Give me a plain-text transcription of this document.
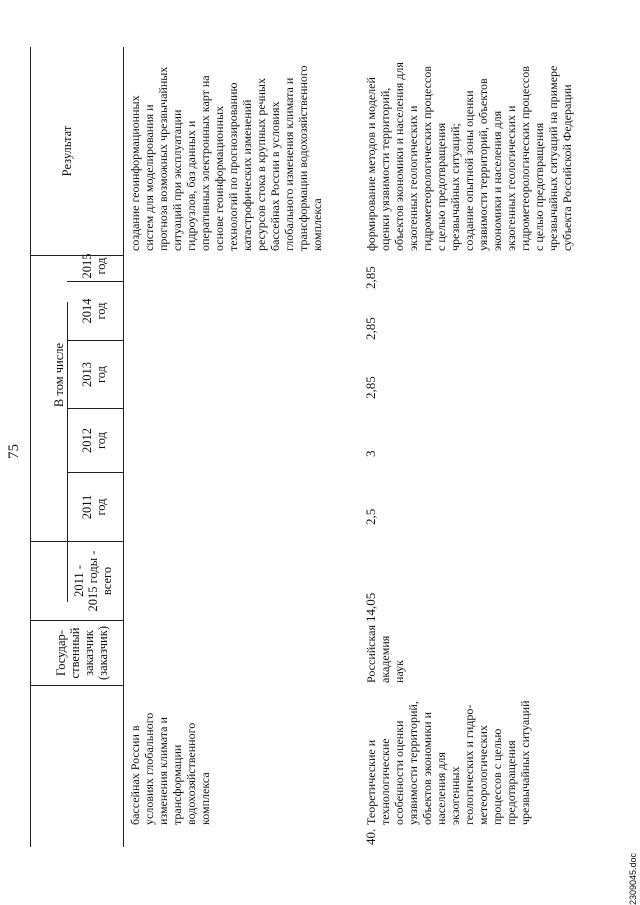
75
Государ-
ственный
заказчик
(заказчик)
2011 -
2015 годы -
всего
В том числе
2011
год
2012
год
2013
год
2014
год
2015
год
Результат
бассейнах России в
условиях глобального
изменения климата и
трансформации
водохозяйственного
комплекса
создание геоинформационных
систем для моделирования и
прогноза возможных чрезвычайных
ситуаций при эксплуатации
гидроузлов, баз данных и
оперативных электронных карт на
основе геоинформационных
технологий по прогнозированию
катастрофических изменений
ресурсов стока в крупных речных
бассейнах России в условиях
глобального изменения климата и
трансформации водохозяйственного
комплекса
40.
Теоретические и
технологические
особенности оценки
уязвимости территорий,
объектов экономики и
населения для
экзогенных
геологических и гидро-
метеорологических
процессов с целью
предотвращения
чрезвычайных ситуаций
Российская
академия наук
14,05
2,5
3
2,85
2,85
2,85
формирование методов и моделей
оценки уязвимости территорий,
объектов экономики и населения для
экзогенных геологических и
гидрометеорологических процессов
с целью предотвращения
чрезвычайных ситуаций;
создание опытной зоны оценки
уязвимости территорий, объектов
экономики и населения для
экзогенных геологических и
гидрометеорологических процессов
с целью предотвращения
чрезвычайных ситуаций на примере
субъекта Российской Федерации
2309045.doc
